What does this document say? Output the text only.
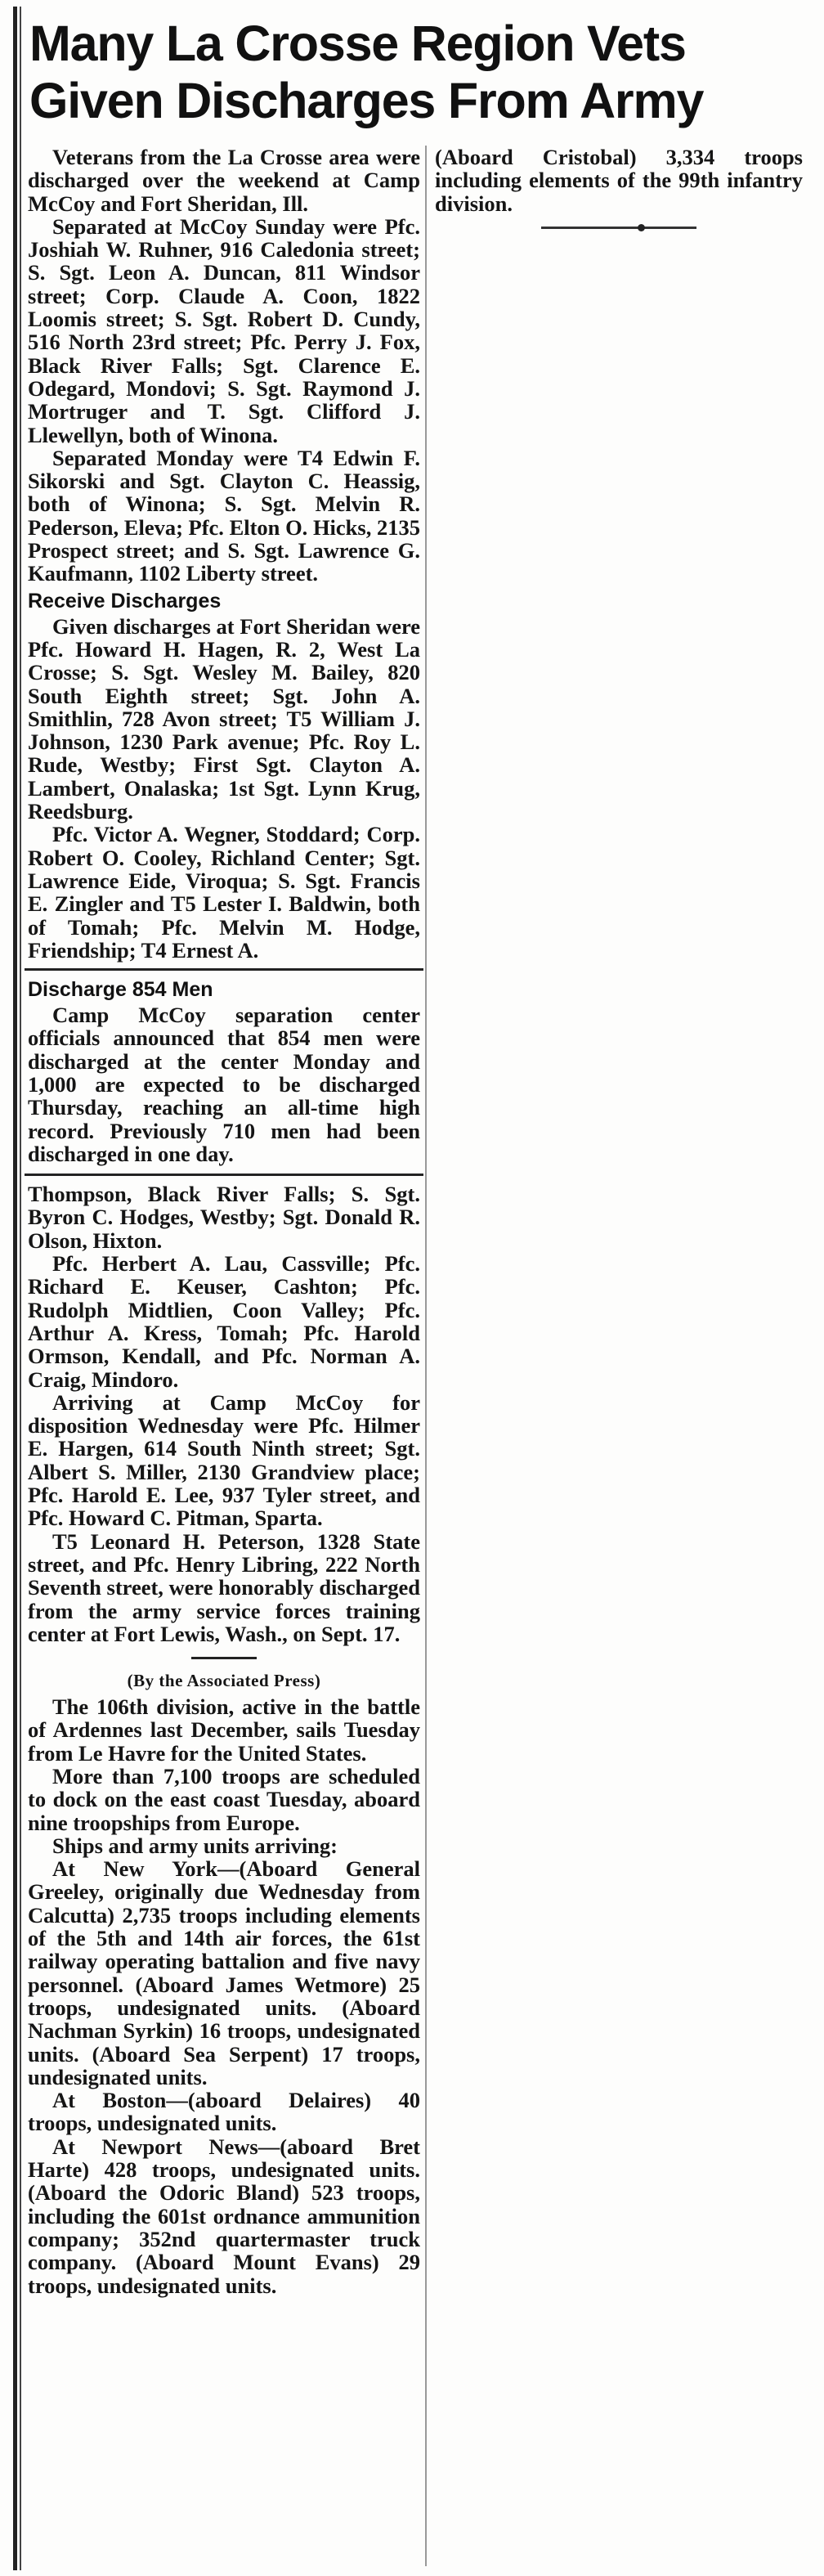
Many La Crosse Region Vets
Given Discharges From Army

Veterans from the La Crosse area were discharged over the weekend at Camp McCoy and Fort Sheridan, Ill.

Separated at McCoy Sunday were Pfc. Joshiah W. Ruhner, 916 Caledonia street; S. Sgt. Leon A. Duncan, 811 Windsor street; Corp. Claude A. Coon, 1822 Loomis street; S. Sgt. Robert D. Cundy, 516 North 23rd street; Pfc. Perry J. Fox, Black River Falls; Sgt. Clarence E. Odegard, Mondovi; S. Sgt. Raymond J. Mortruger and T. Sgt. Clifford J. Llewellyn, both of Winona.

Separated Monday were T4 Edwin F. Sikorski and Sgt. Clayton C. Heassig, both of Winona; S. Sgt. Melvin R. Pederson, Eleva; Pfc. Elton O. Hicks, 2135 Prospect street; and S. Sgt. Lawrence G. Kaufmann, 1102 Liberty street.

Receive Discharges

Given discharges at Fort Sheridan were Pfc. Howard H. Hagen, R. 2, West La Crosse; S. Sgt. Wesley M. Bailey, 820 South Eighth street; Sgt. John A. Smithlin, 728 Avon street; T5 William J. Johnson, 1230 Park avenue; Pfc. Roy L. Rude, Westby; First Sgt. Clayton A. Lambert, Onalaska; 1st Sgt. Lynn Krug, Reedsburg.

Pfc. Victor A. Wegner, Stoddard; Corp. Robert O. Cooley, Richland Center; Sgt. Lawrence Eide, Viroqua; S. Sgt. Francis E. Zingler and T5 Lester I. Baldwin, both of Tomah; Pfc. Melvin M. Hodge, Friendship; T4 Ernest A.

Discharge 854 Men

Camp McCoy separation center officials announced that 854 men were discharged at the center Monday and 1,000 are expected to be discharged Thursday, reaching an all-time high record. Previously 710 men had been discharged in one day.

Thompson, Black River Falls; S. Sgt. Byron C. Hodges, Westby; Sgt. Donald R. Olson, Hixton.

Pfc. Herbert A. Lau, Cassville; Pfc. Richard E. Keuser, Cashton; Pfc. Rudolph Midtlien, Coon Valley; Pfc. Arthur A. Kress, Tomah; Pfc. Harold Ormson, Kendall, and Pfc. Norman A. Craig, Mindoro.

Arriving at Camp McCoy for disposition Wednesday were Pfc. Hilmer E. Hargen, 614 South Ninth street; Sgt. Albert S. Miller, 2130 Grandview place; Pfc. Harold E. Lee, 937 Tyler street, and Pfc. Howard C. Pitman, Sparta.

T5 Leonard H. Peterson, 1328 State street, and Pfc. Henry Libring, 222 North Seventh street, were honorably discharged from the army service forces training center at Fort Lewis, Wash., on Sept. 17.

(By the Associated Press)

The 106th division, active in the battle of Ardennes last December, sails Tuesday from Le Havre for the United States.

More than 7,100 troops are scheduled to dock on the east coast Tuesday, aboard nine troopships from Europe.

Ships and army units arriving:

At New York—(Aboard General Greeley, originally due Wednesday from Calcutta) 2,735 troops including elements of the 5th and 14th air forces, the 61st railway operating battalion and five navy personnel. (Aboard James Wetmore) 25 troops, undesignated units. (Aboard Nachman Syrkin) 16 troops, undesignated units. (Aboard Sea Serpent) 17 troops, undesignated units.

At Boston—(aboard Delaires) 40 troops, undesignated units.

At Newport News—(aboard Bret Harte) 428 troops, undesignated units. (Aboard the Odoric Bland) 523 troops, including the 601st ordnance ammunition company; 352nd quartermaster truck company. (Aboard Mount Evans) 29 troops, undesignated units.

(Aboard Cristobal) 3,334 troops including elements of the 99th infantry division.
